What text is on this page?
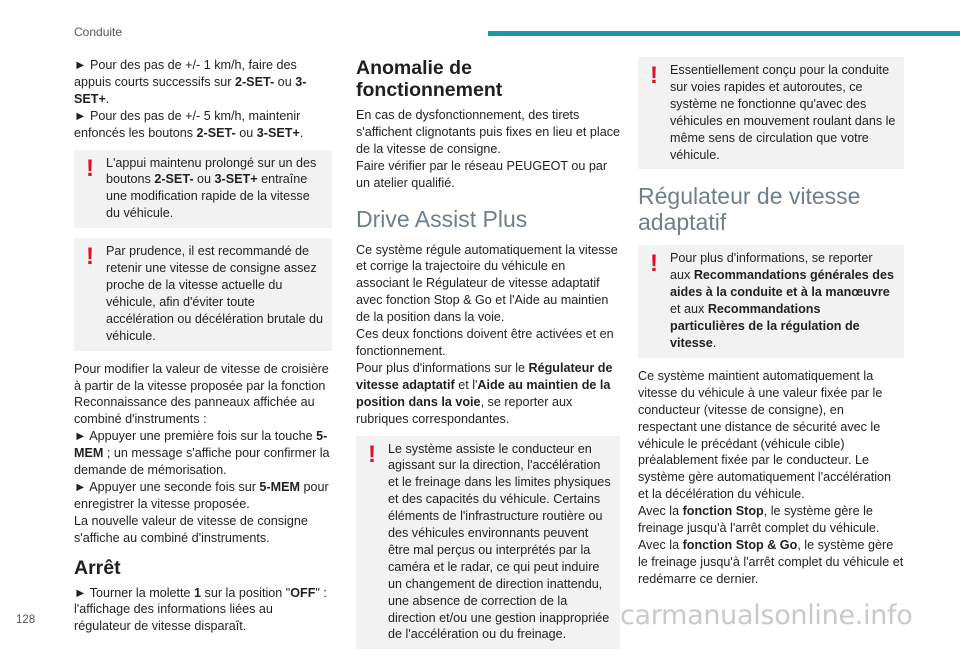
Conduite

► Pour des pas de +/- 1 km/h, faire des appuis courts successifs sur 2-SET- ou 3-SET+.

► Pour des pas de +/- 5 km/h, maintenir enfoncés les boutons 2-SET- ou 3-SET+.

! L'appui maintenu prolongé sur un des boutons 2-SET- ou 3-SET+ entraîne une modification rapide de la vitesse du véhicule.
! Par prudence, il est recommandé de retenir une vitesse de consigne assez proche de la vitesse actuelle du véhicule, afin d'éviter toute accélération ou décélération brutale du véhicule.

Pour modifier la valeur de vitesse de croisière à partir de la vitesse proposée par la fonction Reconnaissance des panneaux affichée au combiné d'instruments :

► Appuyer une première fois sur la touche 5-MEM ; un message s'affiche pour confirmer la demande de mémorisation.

► Appuyer une seconde fois sur 5-MEM pour enregistrer la vitesse proposée.

La nouvelle valeur de vitesse de consigne s'affiche au combiné d'instruments.

Arrêt

► Tourner la molette 1 sur la position "OFF" : l'affichage des informations liées au régulateur de vitesse disparaît.

Anomalie de fonctionnement

En cas de dysfonctionnement, des tirets s'affichent clignotants puis fixes en lieu et place de la vitesse de consigne.

Faire vérifier par le réseau PEUGEOT ou par un atelier qualifié.

Drive Assist Plus

Ce système régule automatiquement la vitesse et corrige la trajectoire du véhicule en associant le Régulateur de vitesse adaptatif avec fonction Stop & Go et l'Aide au maintien de la position dans la voie.

Ces deux fonctions doivent être activées et en fonctionnement.

Pour plus d'informations sur le Régulateur de vitesse adaptatif et l'Aide au maintien de la position dans la voie, se reporter aux rubriques correspondantes.

! Le système assiste le conducteur en agissant sur la direction, l'accélération et le freinage dans les limites physiques et des capacités du véhicule. Certains éléments de l'infrastructure routière ou des véhicules environnants peuvent être mal perçus ou interprétés par la caméra et le radar, ce qui peut induire un changement de direction inattendu, une absence de correction de la direction et/ou une gestion inappropriée de l'accélération ou du freinage.
! Essentiellement conçu pour la conduite sur voies rapides et autoroutes, ce système ne fonctionne qu'avec des véhicules en mouvement roulant dans le même sens de circulation que votre véhicule.
Régulateur de vitesse adaptatif
! Pour plus d'informations, se reporter aux Recommandations générales des aides à la conduite et à la manœuvre et aux Recommandations particulières de la régulation de vitesse.

Ce système maintient automatiquement la vitesse du véhicule à une valeur fixée par le conducteur (vitesse de consigne), en respectant une distance de sécurité avec le véhicule le précédant (véhicule cible) préalablement fixée par le conducteur. Le système gère automatiquement l'accélération et la décélération du véhicule.

Avec la fonction Stop, le système gère le freinage jusqu'à l'arrêt complet du véhicule.

Avec la fonction Stop & Go, le système gère le freinage jusqu'à l'arrêt complet du véhicule et redémarre ce dernier.

128	carmanualsonline.info
